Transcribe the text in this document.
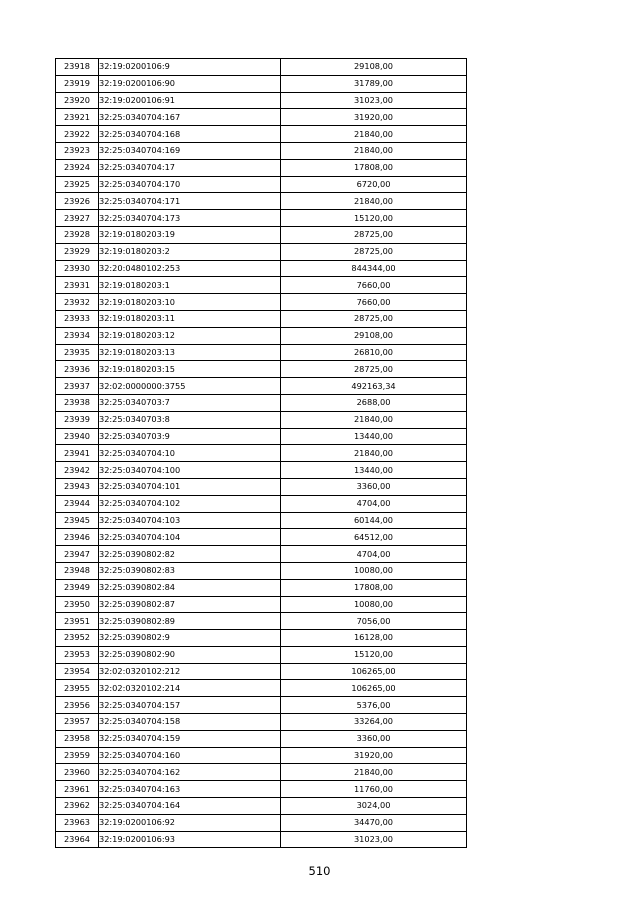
23918	32:19:0200106:9	29108,00
23919	32:19:0200106:90	31789,00
23920	32:19:0200106:91	31023,00
23921	32:25:0340704:167	31920,00
23922	32:25:0340704:168	21840,00
23923	32:25:0340704:169	21840,00
23924	32:25:0340704:17	17808,00
23925	32:25:0340704:170	6720,00
23926	32:25:0340704:171	21840,00
23927	32:25:0340704:173	15120,00
23928	32:19:0180203:19	28725,00
23929	32:19:0180203:2	28725,00
23930	32:20:0480102:253	844344,00
23931	32:19:0180203:1	7660,00
23932	32:19:0180203:10	7660,00
23933	32:19:0180203:11	28725,00
23934	32:19:0180203:12	29108,00
23935	32:19:0180203:13	26810,00
23936	32:19:0180203:15	28725,00
23937	32:02:0000000:3755	492163,34
23938	32:25:0340703:7	2688,00
23939	32:25:0340703:8	21840,00
23940	32:25:0340703:9	13440,00
23941	32:25:0340704:10	21840,00
23942	32:25:0340704:100	13440,00
23943	32:25:0340704:101	3360,00
23944	32:25:0340704:102	4704,00
23945	32:25:0340704:103	60144,00
23946	32:25:0340704:104	64512,00
23947	32:25:0390802:82	4704,00
23948	32:25:0390802:83	10080,00
23949	32:25:0390802:84	17808,00
23950	32:25:0390802:87	10080,00
23951	32:25:0390802:89	7056,00
23952	32:25:0390802:9	16128,00
23953	32:25:0390802:90	15120,00
23954	32:02:0320102:212	106265,00
23955	32:02:0320102:214	106265,00
23956	32:25:0340704:157	5376,00
23957	32:25:0340704:158	33264,00
23958	32:25:0340704:159	3360,00
23959	32:25:0340704:160	31920,00
23960	32:25:0340704:162	21840,00
23961	32:25:0340704:163	11760,00
23962	32:25:0340704:164	3024,00
23963	32:19:0200106:92	34470,00
23964	32:19:0200106:93	31023,00
510
